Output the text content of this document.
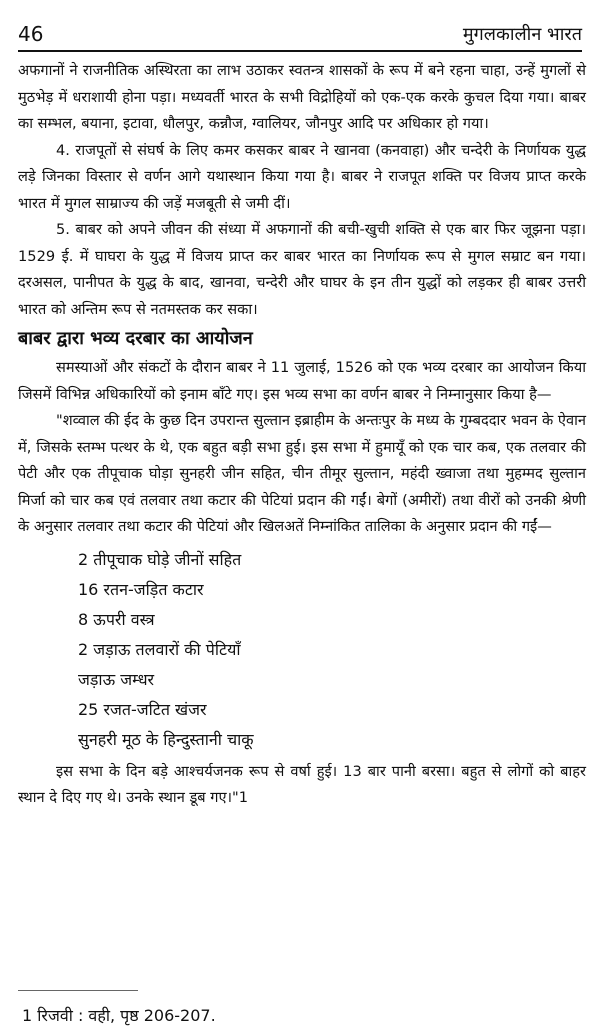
46	मुगलकालीन भारत

अफगानों ने राजनीतिक अस्थिरता का लाभ उठाकर स्वतन्त्र शासकों के रूप में बने रहना चाहा, उन्हें मुगलों से मुठभेड़ में धराशायी होना पड़ा। मध्यवर्ती भारत के सभी विद्रोहियों को एक-एक करके कुचल दिया गया। बाबर का सम्भल, बयाना, इटावा, धौलपुर, कन्नौज, ग्वालियर, जौनपुर आदि पर अधिकार हो गया।

4. राजपूतों से संघर्ष के लिए कमर कसकर बाबर ने खानवा (कनवाहा) और चन्देरी के निर्णायक युद्ध लड़े जिनका विस्तार से वर्णन आगे यथास्थान किया गया है। बाबर ने राजपूत शक्ति पर विजय प्राप्त करके भारत में मुगल साम्राज्य की जड़ें मजबूती से जमी दीं।

5. बाबर को अपने जीवन की संध्या में अफगानों की बची-खुची शक्ति से एक बार फिर जूझना पड़ा। 1529 ई. में घाघरा के युद्ध में विजय प्राप्त कर बाबर भारत का निर्णायक रूप से मुगल सम्राट बन गया। दरअसल, पानीपत के युद्ध के बाद, खानवा, चन्देरी और घाघर के इन तीन युद्धों को लड़कर ही बाबर उत्तरी भारत को अन्तिम रूप से नतमस्तक कर सका।

बाबर द्वारा भव्य दरबार का आयोजन

समस्याओं और संकटों के दौरान बाबर ने 11 जुलाई, 1526 को एक भव्य दरबार का आयोजन किया जिसमें विभिन्न अधिकारियों को इनाम बाँटे गए। इस भव्य सभा का वर्णन बाबर ने निम्नानुसार किया है—

"शव्वाल की ईद के कुछ दिन उपरान्त सुल्तान इब्राहीम के अन्तःपुर के मध्य के गुम्बददार भवन के ऐवान में, जिसके स्तम्भ पत्थर के थे, एक बहुत बड़ी सभा हुई। इस सभा में हुमायूँ को एक चार कब, एक तलवार की पेटी और एक तीपूचाक घोड़ा सुनहरी जीन सहित, चीन तीमूर सुल्तान, महंदी ख्वाजा तथा मुहम्मद सुल्तान मिर्जा को चार कब एवं तलवार तथा कटार की पेटियां प्रदान की गईं। बेगों (अमीरों) तथा वीरों को उनकी श्रेणी के अनुसार तलवार तथा कटार की पेटियां और खिलअतें निम्नांकित तालिका के अनुसार प्रदान की गईं—

2 तीपूचाक घोड़े जीनों सहित
16 रतन-जड़ित कटार
8 ऊपरी वस्त्र
2 जड़ाऊ तलवारों की पेटियाँ
जड़ाऊ जम्धर
25 रजत-जटित खंजर
सुनहरी मूठ के हिन्दुस्तानी चाकू

इस सभा के दिन बड़े आश्चर्यजनक रूप से वर्षा हुई। 13 बार पानी बरसा। बहुत से लोगों को बाहर स्थान दे दिए गए थे। उनके स्थान डूब गए।"1

1 रिजवी : वही, पृष्ठ 206-207.
